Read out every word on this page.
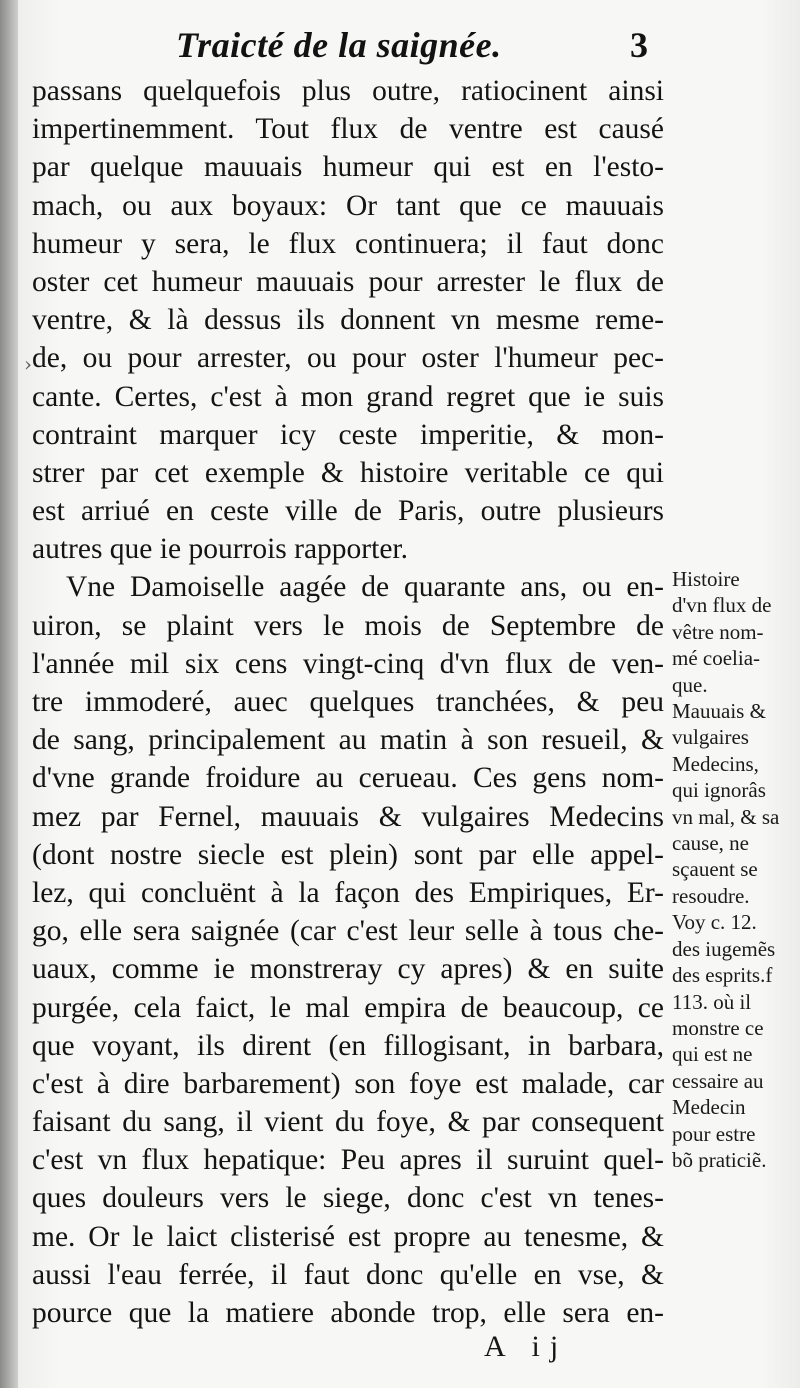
Traicté de la saignée.	3
›
passans quelquefois plus outre, ratiocinent ainsi
impertinemment. Tout flux de ventre est causé
par quelque mauuais humeur qui est en l'esto-
mach, ou aux boyaux: Or tant que ce mauuais
humeur y sera, le flux continuera; il faut donc
oster cet humeur mauuais pour arrester le flux de
ventre, & là dessus ils donnent vn mesme reme-
de, ou pour arrester, ou pour oster l'humeur pec-
cante. Certes, c'est à mon grand regret que ie suis
contraint marquer icy ceste imperitie, & mon-
strer par cet exemple & histoire veritable ce qui
est arriué en ceste ville de Paris, outre plusieurs
autres que ie pourrois rapporter.
Vne Damoiselle aagée de quarante ans, ou en-
uiron, se plaint vers le mois de Septembre de
l'année mil six cens vingt-cinq d'vn flux de ven-
tre immoderé, auec quelques tranchées, & peu
de sang, principalement au matin à son resueil, &
d'vne grande froidure au cerueau. Ces gens nom-
mez par Fernel, mauuais & vulgaires Medecins
(dont nostre siecle est plein) sont par elle appel-
lez, qui concluënt à la façon des Empiriques, Er-
go, elle sera saignée (car c'est leur selle à tous che-
uaux, comme ie monstreray cy apres) & en suite
purgée, cela faict, le mal empira de beaucoup, ce
que voyant, ils dirent (en fillogisant, in barbara,
c'est à dire barbarement) son foye est malade, car
faisant du sang, il vient du foye, & par consequent
c'est vn flux hepatique: Peu apres il suruint quel-
ques douleurs vers le siege, donc c'est vn tenes-
me. Or le laict clisterisé est propre au tenesme, &
aussi l'eau ferrée, il faut donc qu'elle en vse, &
pource que la matiere abonde trop, elle sera en-
Histoire
d'vn flux de
vêtre nom-
mé coelia-
que.
Mauuais &
vulgaires
Medecins,
qui ignorâs
vn mal, & sa
cause, ne
sçauent se
resoudre.
Voy c. 12.
des iugemẽs
des esprits.f
113. où il
monstre ce
qui est ne
cessaire au
Medecin
pour estre
bõ praticiẽ.
A ij
